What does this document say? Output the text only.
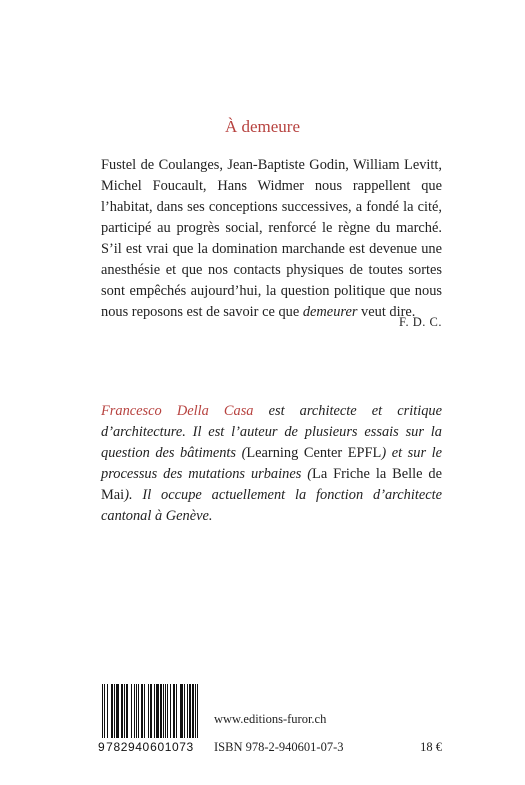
À demeure

Fustel de Coulanges, Jean-Baptiste Godin, William Levitt, Michel Foucault, Hans Widmer nous rappellent que l’habitat, dans ses conceptions successives, a fondé la cité, participé au progrès social, renforcé le règne du marché. S’il est vrai que la domination marchande est devenue une anesthésie et que nos contacts physiques de toutes sortes sont empêchés aujourd’hui, la question politique que nous nous reposons est de savoir ce que demeurer veut dire.

F. D. C.
Francesco Della Casa est architecte et critique d’architecture. Il est l’auteur de plusieurs essais sur la question des bâtiments (Learning Center EPFL) et sur le processus des mutations urbaines (La Friche la Belle de Mai). Il occupe actuellement la fonction d’architecte cantonal à Genève.
9 782940 601073
www.editions-furor.ch
ISBN 978-2-940601-07-3	18 €
